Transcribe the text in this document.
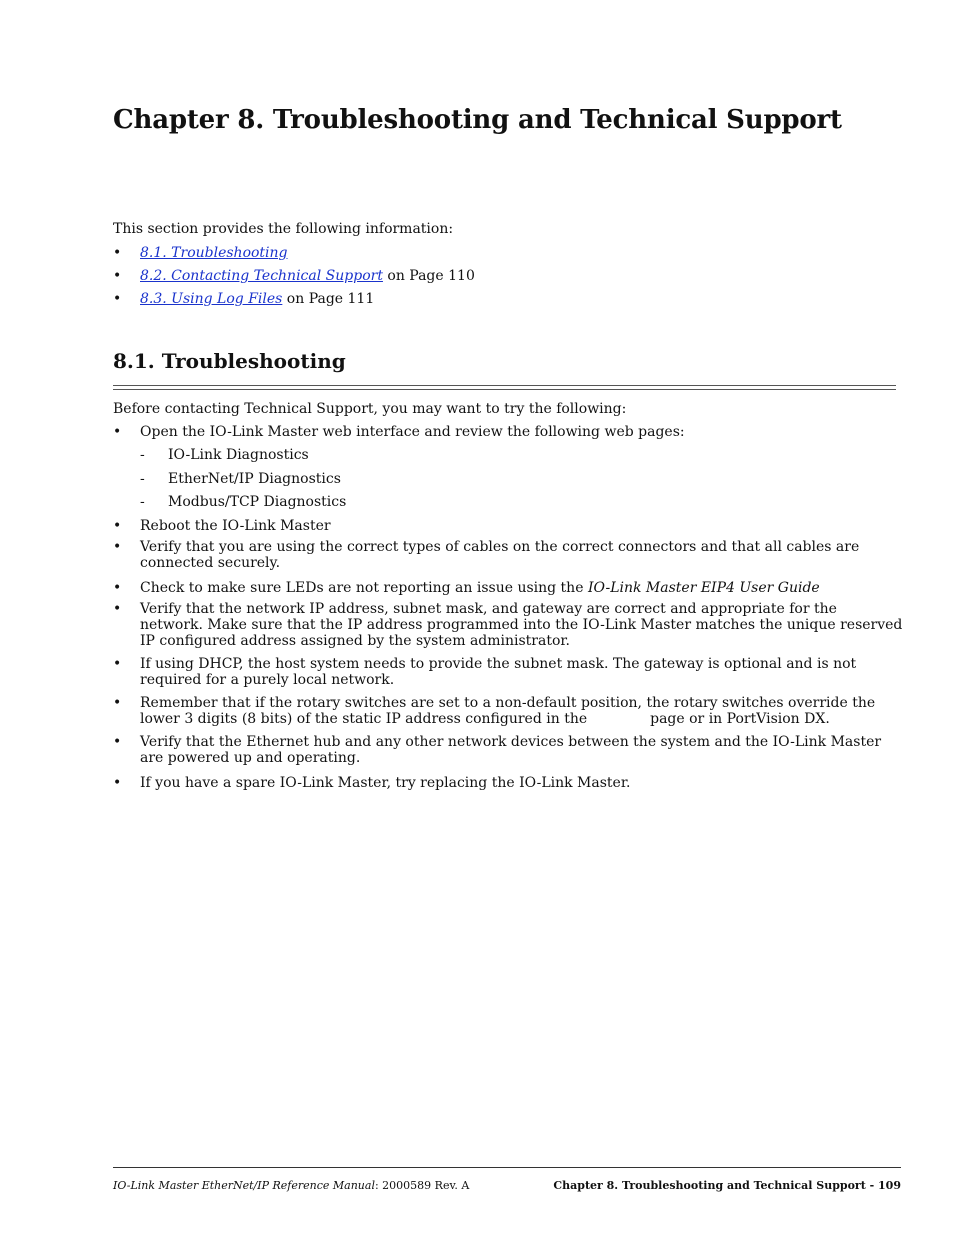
Chapter 8. Troubleshooting and Technical Support

This section provides the following information:

• 8.1. Troubleshooting
• 8.2. Contacting Technical Support on Page 110
• 8.3. Using Log Files on Page 111
8.1. Troubleshooting

Before contacting Technical Support, you may want to try the following:

• Open the IO-Link Master web interface and review the following web pages:
- IO-Link Diagnostics
- EtherNet/IP Diagnostics
- Modbus/TCP Diagnostics
• Reboot the IO-Link Master
• Verify that you are using the correct types of cables on the correct connectors and that all cables are connected securely.
• Check to make sure LEDs are not reporting an issue using the IO-Link Master EIP4 User Guide
• Verify that the network IP address, subnet mask, and gateway are correct and appropriate for the network. Make sure that the IP address programmed into the IO-Link Master matches the unique reserved IP configured address assigned by the system administrator.
• If using DHCP, the host system needs to provide the subnet mask. The gateway is optional and is not required for a purely local network.
• Remember that if the rotary switches are set to a non-default position, the rotary switches override the lower 3 digits (8 bits) of the static IP address configured in the	page or in PortVision DX.
• Verify that the Ethernet hub and any other network devices between the system and the IO-Link Master are powered up and operating.
• If you have a spare IO-Link Master, try replacing the IO-Link Master.
IO-Link Master EtherNet/IP Reference Manual: 2000589 Rev. A	Chapter 8. Troubleshooting and Technical Support - 109
